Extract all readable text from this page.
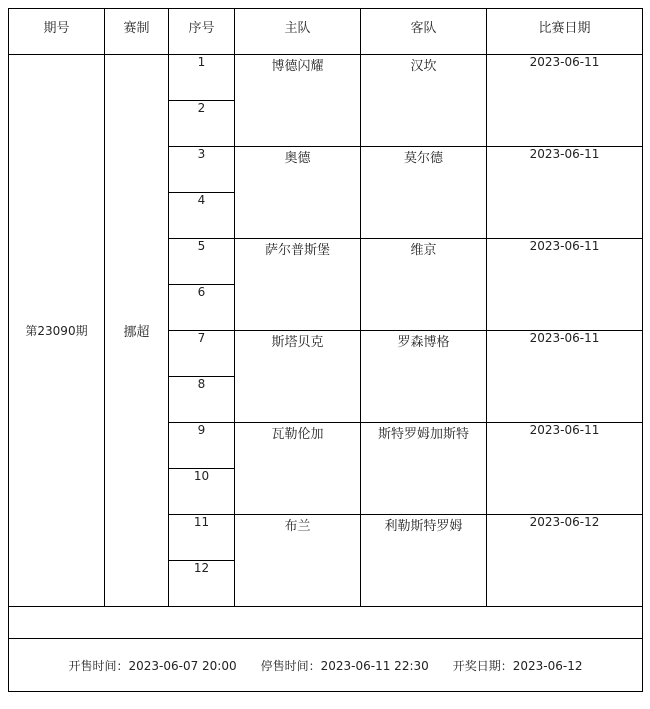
期号	赛制	序号	主队	客队	比赛日期
第23090期	挪超	1	博德闪耀	汉坎	2023-06-11
		2			
		3	奥德	莫尔德	2023-06-11
		4			
		5	萨尔普斯堡	维京	2023-06-11
		6			
		7	斯塔贝克	罗森博格	2023-06-11
		8			
		9	瓦勒伦加	斯特罗姆加斯特	2023-06-11
		10			
		11	布兰	利勒斯特罗姆	2023-06-12
		12			

开售时间：2023-06-07 20:00 停售时间：2023-06-11 22:30 开奖日期：2023-06-12					
